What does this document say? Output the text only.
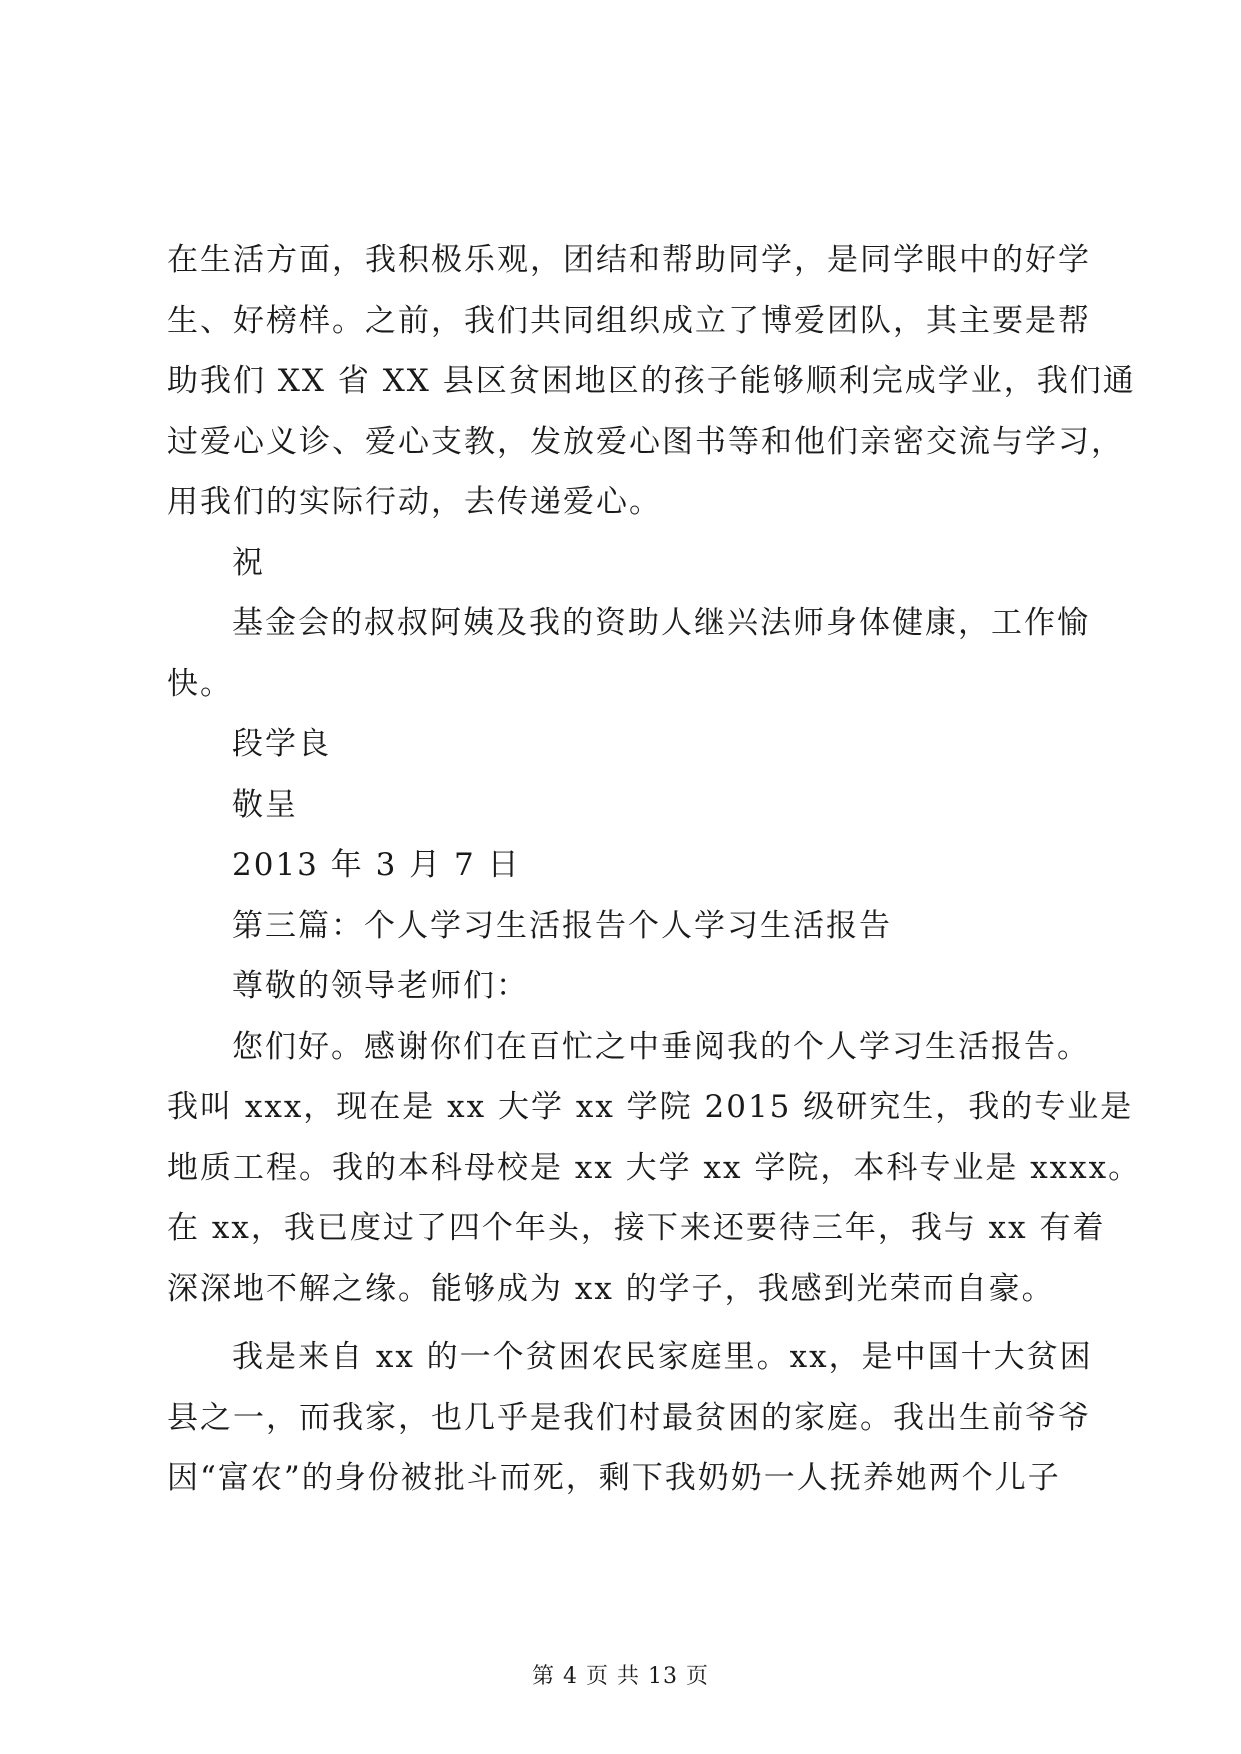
在生活方面，我积极乐观，团结和帮助同学，是同学眼中的好学
生、好榜样。之前，我们共同组织成立了博爱团队，其主要是帮
助我们 XX 省 XX 县区贫困地区的孩子能够顺利完成学业，我们通
过爱心义诊、爱心支教，发放爱心图书等和他们亲密交流与学习，
用我们的实际行动，去传递爱心。
祝
基金会的叔叔阿姨及我的资助人继兴法师身体健康，工作愉
快。
段学良
敬呈
2013 年 3 月 7 日
第三篇：个人学习生活报告个人学习生活报告
尊敬的领导老师们：
您们好。感谢你们在百忙之中垂阅我的个人学习生活报告。
我叫 xxx，现在是 xx 大学 xx 学院 2015 级研究生，我的专业是
地质工程。我的本科母校是 xx 大学 xx 学院，本科专业是 xxxx。
在 xx，我已度过了四个年头，接下来还要待三年，我与 xx 有着
深深地不解之缘。能够成为 xx 的学子，我感到光荣而自豪。
我是来自 xx 的一个贫困农民家庭里。xx，是中国十大贫困
县之一，而我家，也几乎是我们村最贫困的家庭。我出生前爷爷
因“富农”的身份被批斗而死，剩下我奶奶一人抚养她两个儿子
第 4 页 共 13 页
